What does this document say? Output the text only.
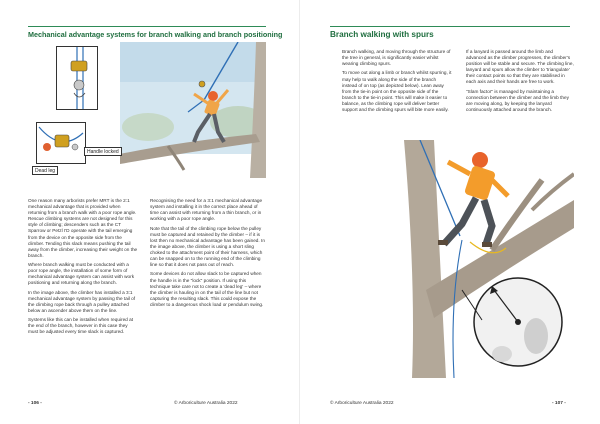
Mechanical advantage systems for branch walking and branch positioning
Handle locked
Dead leg

One reason many arborists prefer MRT is the 2:1 mechanical advantage that is provided when returning from a branch walk with a poor rope angle. Rescue climbing systems are not designed for this style of climbing; descenders such as the CT Sparrow or Petzl I'D operate with the tail emerging from the device on the opposite side from the climber. Tending this slack means pushing the tail away from the climber, increasing their weight on the branch.

Where branch walking must be conducted with a poor rope angle, the installation of some form of mechanical advantage system can assist with work positioning and returning along the branch.

In the image above, the climber has installed a 3:1 mechanical advantage system by passing the tail of the climbing rope back through a pulley attached below an ascender above them on the line.

Systems like this can be installed when required at the end of the branch, however in this case they must be adjusted every time slack is captured.

Recognising the need for a 3:1 mechanical advantage system and installing it in the correct place ahead of time can assist with returning from a thin branch, or in working with a poor rope angle.

Note that the tail of the climbing rope below the pulley must be captured and retained by the climber – if it is lost then no mechanical advantage has been gained. In the image above, the climber is using a short sling choked to the attachment point of their harness, which can be snapped on to the running end of the climbing line so that it does not pass out of reach.

Some devices do not allow slack to be captured when the handle is in the "lock" position. If using this technique take care not to create a 'dead leg' – where the climber is hauling in on the tail of the line but not capturing the resulting slack. This could expose the climber to a dangerous shock load or pendulum swing.

- 106 -	© Arboriculture Australia 2022
Branch walking with spurs

Branch walking, and moving through the structure of the tree in general, is significantly easier whilst wearing climbing spurs.

To move out along a limb or branch whilst spurring, it may help to walk along the side of the branch instead of on top (as depicted below). Lean away from the tie-in point on the opposite side of the branch to the tie-in point. This will make it easier to balance, as the climbing rope will deliver better support and the climbing spurs will bite more easily.

If a lanyard is passed around the limb and advanced as the climber progresses, the climber's position will be stable and secure. The climbing line, lanyard and spurs allow the climber to 'triangulate' their contact points so that they are stabilised in each axis and their hands are free to work.

"Slam factor" is managed by maintaining a connection between the climber and the limb they are moving along, by keeping the lanyard continuously attached around the branch.

© Arboriculture Australia 2022	- 107 -
